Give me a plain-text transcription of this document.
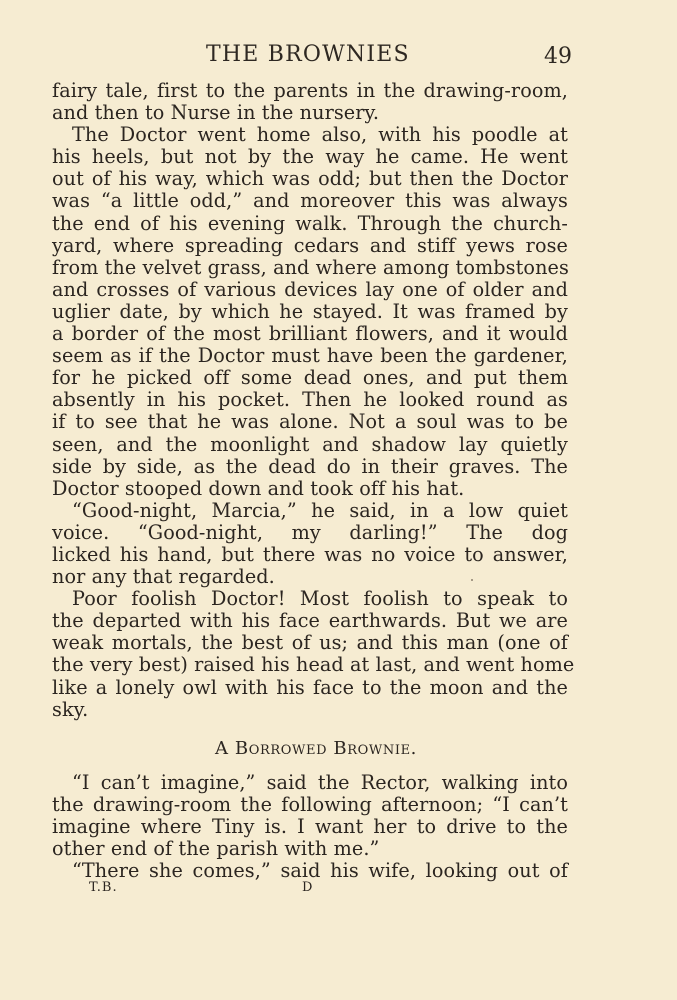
THE BROWNIES	49
fairy tale, first to the parents in the drawing-room,
and then to Nurse in the nursery.
The Doctor went home also, with his poodle at
his heels, but not by the way he came. He went
out of his way, which was odd; but then the Doctor
was “a little odd,” and moreover this was always
the end of his evening walk. Through the church-
yard, where spreading cedars and stiff yews rose
from the velvet grass, and where among tombstones
and crosses of various devices lay one of older and
uglier date, by which he stayed. It was framed by
a border of the most brilliant flowers, and it would
seem as if the Doctor must have been the gardener,
for he picked off some dead ones, and put them
absently in his pocket. Then he looked round as
if to see that he was alone. Not a soul was to be
seen, and the moonlight and shadow lay quietly
side by side, as the dead do in their graves. The
Doctor stooped down and took off his hat.
“Good-night, Marcia,” he said, in a low quiet
voice. “Good-night, my darling!” The dog
licked his hand, but there was no voice to answer,
nor any that regarded.
Poor foolish Doctor! Most foolish to speak to
the departed with his face earthwards. But we are
weak mortals, the best of us; and this man (one of
the very best) raised his head at last, and went home
like a lonely owl with his face to the moon and the
sky.
A Borrowed Brownie.
“I can’t imagine,” said the Rector, walking into
the drawing-room the following afternoon; “I can’t
imagine where Tiny is. I want her to drive to the
other end of the parish with me.”
“There she comes,” said his wife, looking out of
T.B.	D
